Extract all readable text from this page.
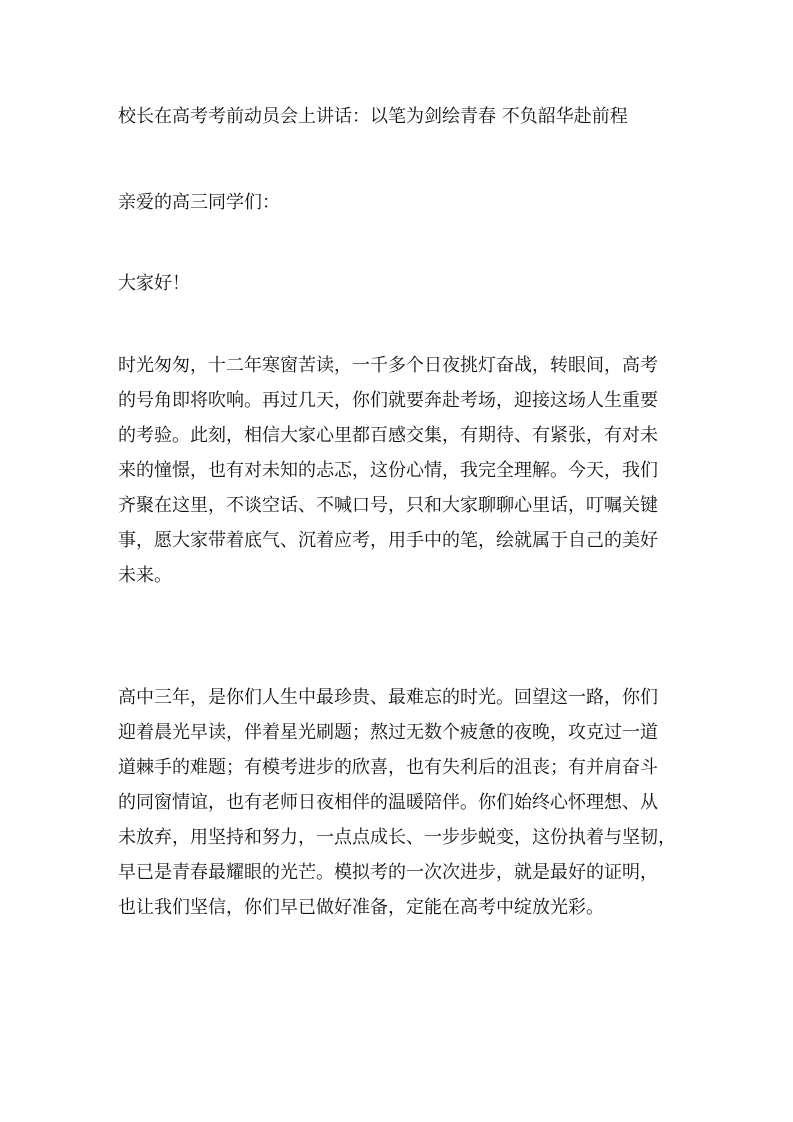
校长在高考考前动员会上讲话：以笔为剑绘青春 不负韶华赴前程
亲爱的高三同学们：
大家好！
时光匆匆，十二年寒窗苦读，一千多个日夜挑灯奋战，转眼间，高考
的号角即将吹响。再过几天，你们就要奔赴考场，迎接这场人生重要
的考验。此刻，相信大家心里都百感交集，有期待、有紧张，有对未
来的憧憬，也有对未知的忐忑，这份心情，我完全理解。今天，我们
齐聚在这里，不谈空话、不喊口号，只和大家聊聊心里话，叮嘱关键
事，愿大家带着底气、沉着应考，用手中的笔，绘就属于自己的美好
未来。
高中三年，是你们人生中最珍贵、最难忘的时光。回望这一路，你们
迎着晨光早读，伴着星光刷题；熬过无数个疲惫的夜晚，攻克过一道
道棘手的难题；有模考进步的欣喜，也有失利后的沮丧；有并肩奋斗
的同窗情谊，也有老师日夜相伴的温暖陪伴。你们始终心怀理想、从
未放弃，用坚持和努力，一点点成长、一步步蜕变，这份执着与坚韧，
早已是青春最耀眼的光芒。模拟考的一次次进步，就是最好的证明，
也让我们坚信，你们早已做好准备，定能在高考中绽放光彩。
